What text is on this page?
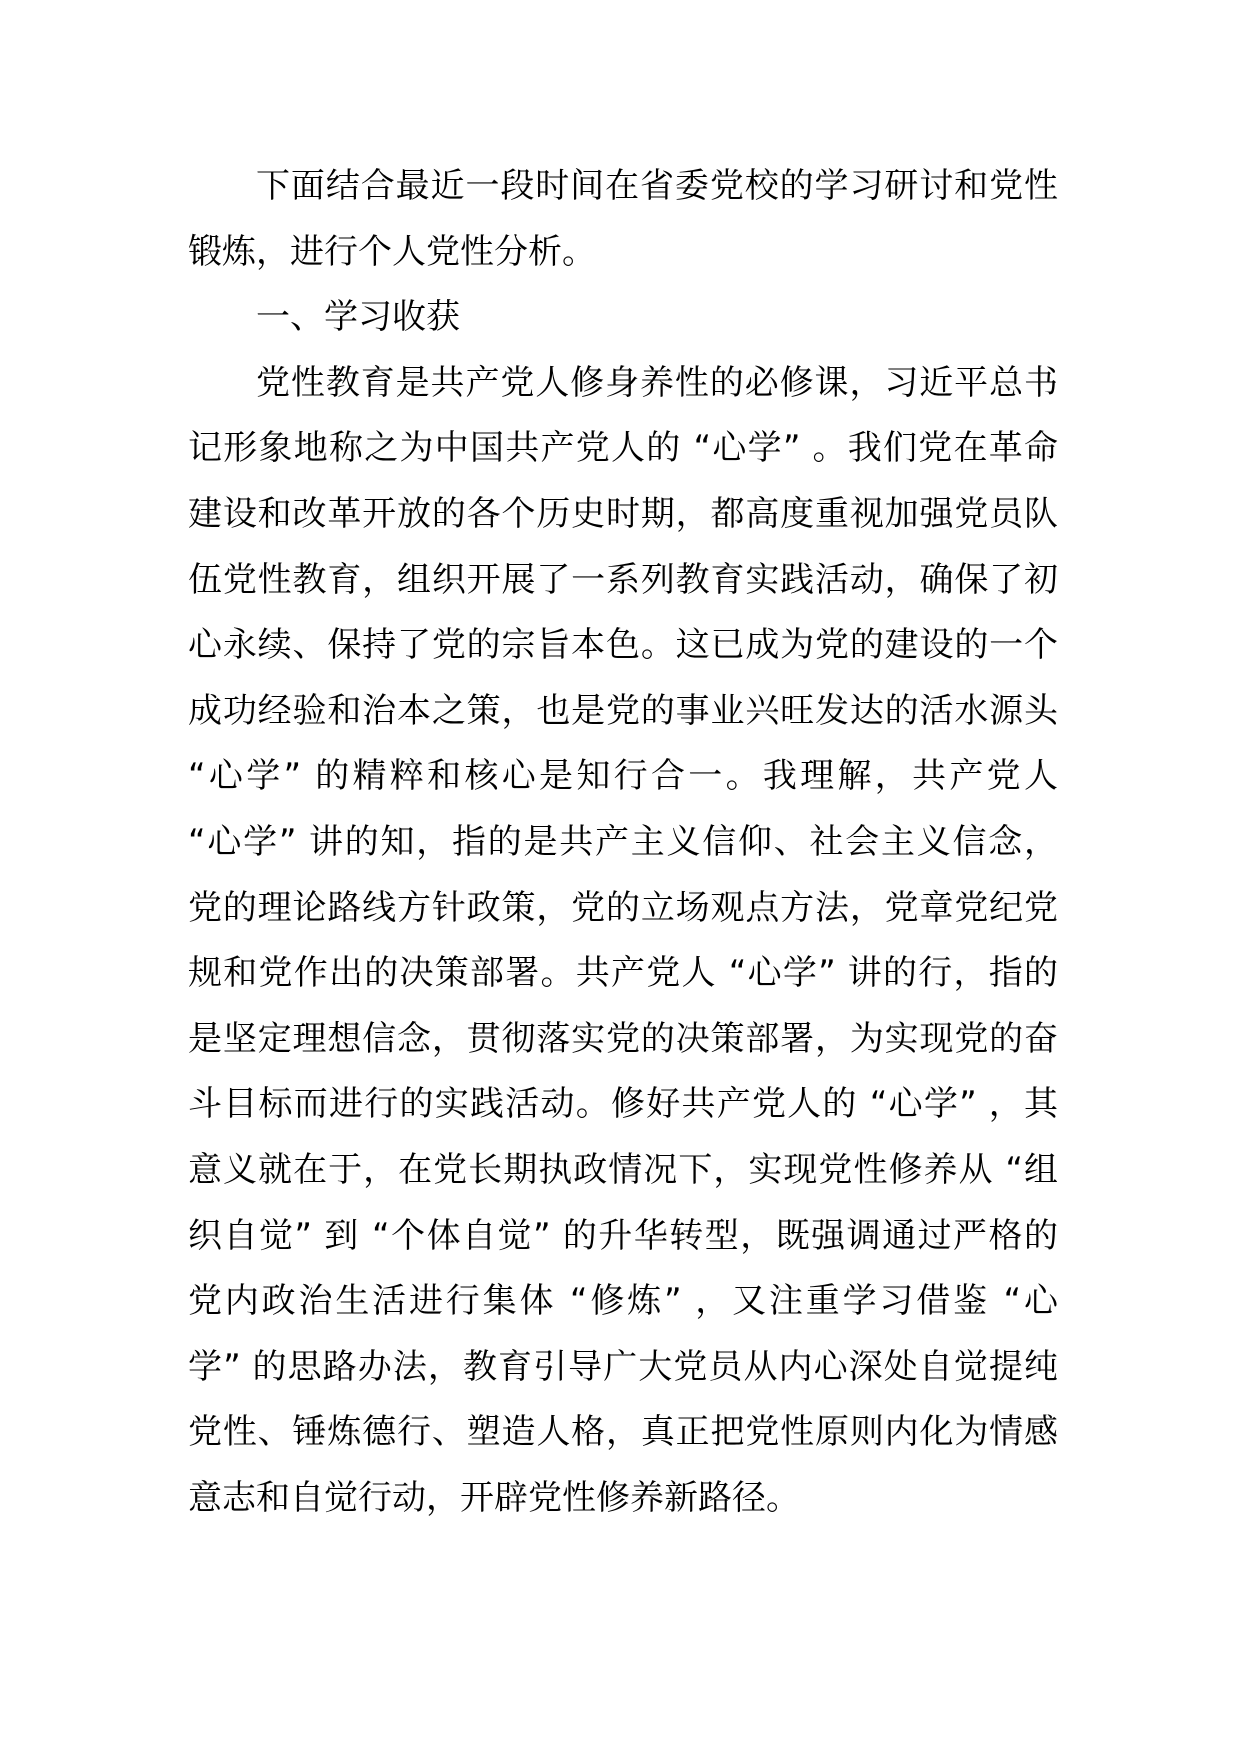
下面结合最近一段时间在省委党校的学习研讨和党性
锻炼，进行个人党性分析。
一、学习收获
党性教育是共产党人修身养性的必修课，习近平总书
记形象地称之为中国共产党人的 “心学” 。我们党在革命
建设和改革开放的各个历史时期，都高度重视加强党员队
伍党性教育，组织开展了一系列教育实践活动，确保了初
心永续、保持了党的宗旨本色。这已成为党的建设的一个
成功经验和治本之策，也是党的事业兴旺发达的活水源头
“心学” 的精粹和核心是知行合一。我理解，共产党人
“心学” 讲的知，指的是共产主义信仰、社会主义信念，
党的理论路线方针政策，党的立场观点方法，党章党纪党
规和党作出的决策部署。共产党人 “心学” 讲的行，指的
是坚定理想信念，贯彻落实党的决策部署，为实现党的奋
斗目标而进行的实践活动。修好共产党人的 “心学” ，其
意义就在于，在党长期执政情况下，实现党性修养从 “组
织自觉” 到 “个体自觉” 的升华转型，既强调通过严格的
党内政治生活进行集体 “修炼” ，又注重学习借鉴 “心
学” 的思路办法，教育引导广大党员从内心深处自觉提纯
党性、锤炼德行、塑造人格，真正把党性原则内化为情感
意志和自觉行动，开辟党性修养新路径。
